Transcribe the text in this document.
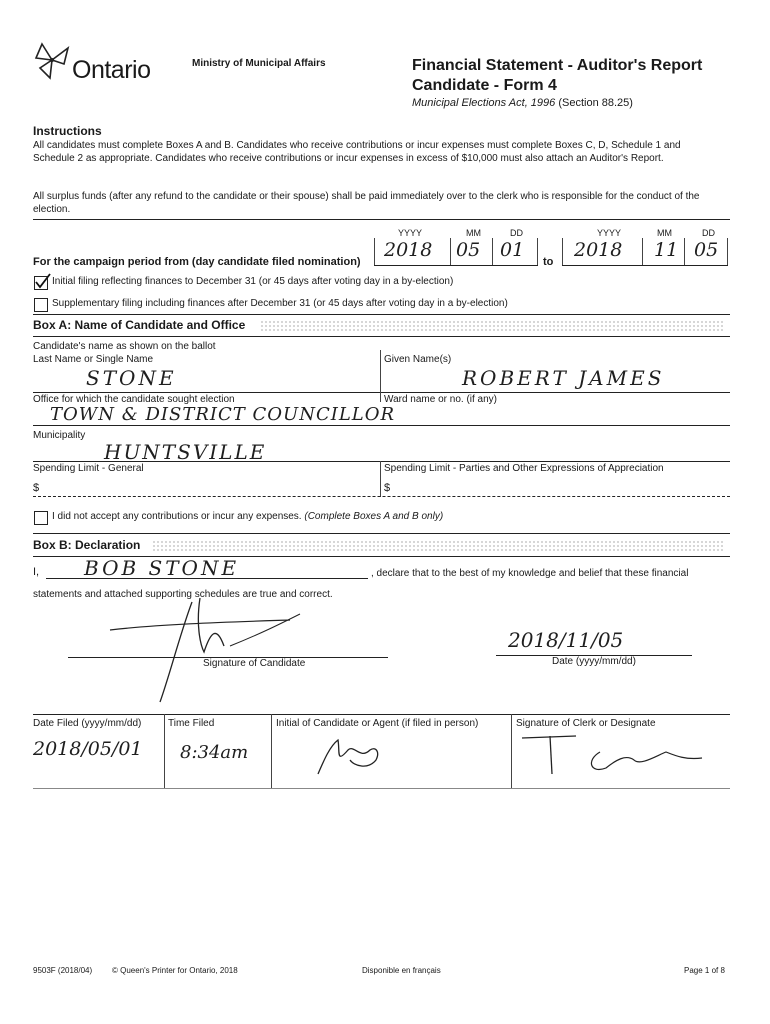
Ontario	Ministry of Municipal Affairs	Financial Statement - Auditor's Report
Candidate - Form 4
Municipal Elections Act, 1996 (Section 88.25)
Instructions
All candidates must complete Boxes A and B. Candidates who receive contributions or incur expenses must complete Boxes C, D, Schedule 1 and Schedule 2 as appropriate. Candidates who receive contributions or incur expenses in excess of $10,000 must also attach an Auditor's Report.
All surplus funds (after any refund to the candidate or their spouse) shall be paid immediately over to the clerk who is responsible for the conduct of the election.
YYYY	MM	DD	YYYY	MM	DD
For the campaign period from (day candidate filed nomination)
2018 05 01
to
2018 11 05
Initial filing reflecting finances to December 31 (or 45 days after voting day in a by-election)
Supplementary filing including finances after December 31 (or 45 days after voting day in a by-election)
Box A: Name of Candidate and Office
Candidate's name as shown on the ballot
Last Name or Single Name
STONE
Given Name(s)
ROBERT JAMES
Office for which the candidate sought election	Ward name or no. (if any)
TOWN & DISTRICT COUNCILLOR
Municipality
HUNTSVILLE
Spending Limit - General	Spending Limit - Parties and Other Expressions of Appreciation
$	$
I did not accept any contributions or incur any expenses. (Complete Boxes A and B only)
Box B: Declaration
I, BOB STONE	, declare that to the best of my knowledge and belief that these financial
statements and attached supporting schedules are true and correct.
Signature of Candidate
2018/11/05
Date (yyyy/mm/dd)
Date Filed (yyyy/mm/dd)
2018/05/01
Time Filed
8:34am
Initial of Candidate or Agent (if filed in person)	Signature of Clerk or Designate
9503F (2018/04) © Queen's Printer for Ontario, 2018	Disponible en français	Page 1 of 8
